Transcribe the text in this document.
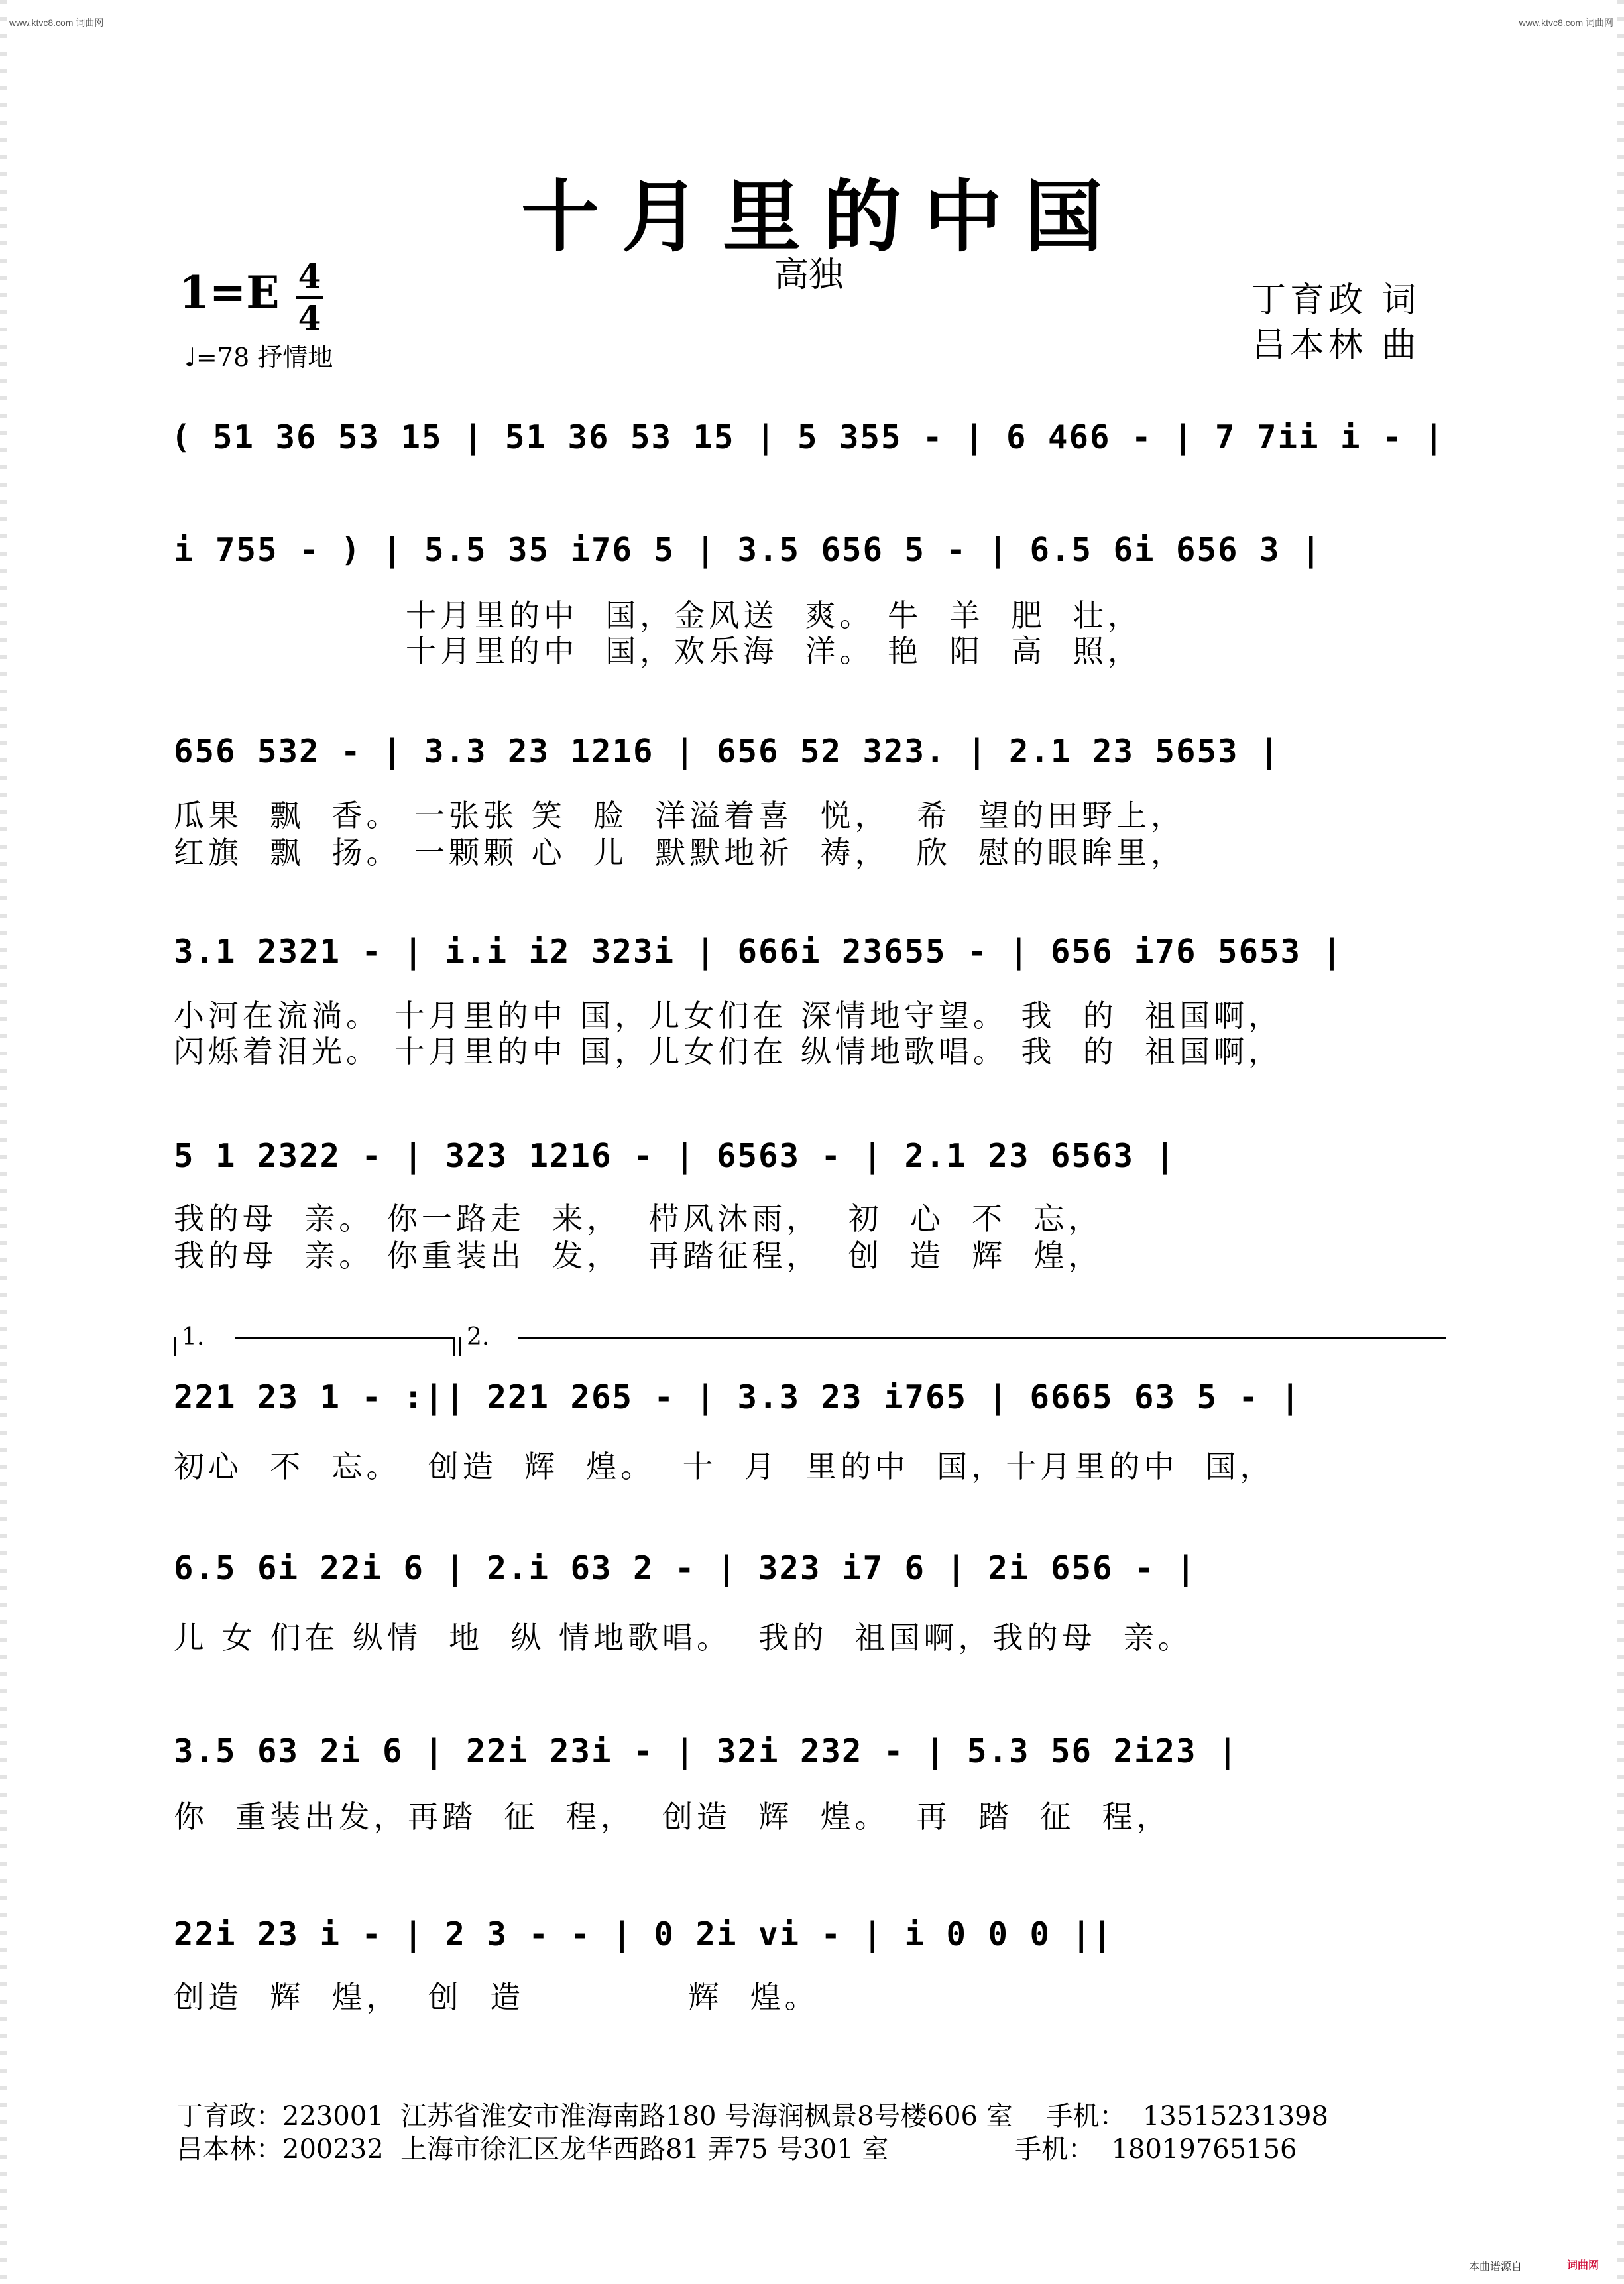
www.ktvc8.com 词曲网	www.ktvc8.com 词曲网
十月里的中国
高独
1=E 4
4
♩=78 抒情地
丁育政 词
吕本林 曲
( 51 36 53 15 | 51 36 53 15 | 5 355 - | 6 466 - | 7 7ii i - |
i 755 - ) | 5.5 35 i76 5 | 3.5 656 5 - | 6.5 6i 656 3 |
十月里的中  国，金风送  爽。 牛  羊  肥  壮，
十月里的中  国，欢乐海  洋。 艳  阳  高  照，
656 532 - | 3.3 23 1216 | 656 52 323. | 2.1 23 5653 |
瓜果  飘  香。 一张张 笑  脸  洋溢着喜  悦，  希  望的田野上，
红旗  飘  扬。 一颗颗 心  儿  默默地祈  祷，  欣  慰的眼眸里，
3.1 2321 - | i.i i2 323i | 666i 23655 - | 656 i76 5653 |
小河在流淌。 十月里的中 国，儿女们在 深情地守望。 我  的  祖国啊，
闪烁着泪光。 十月里的中 国，儿女们在 纵情地歌唱。 我  的  祖国啊，
5 1 2322 - | 323 1216 - | 6563 - | 2.1 23 6563 |
我的母  亲。 你一路走  来，  栉风沐雨，  初  心  不  忘，
我的母  亲。 你重装出  发，  再踏征程，  创  造  辉  煌，
1.	2.
221 23 1 - :|| 221 265 - | 3.3 23 i765 | 6665 63 5 - |
初心  不  忘。  创造  辉  煌。  十  月  里的中  国，十月里的中  国，
6.5 6i 22i 6 | 2.i 63 2 - | 323 i7 6 | 2i 656 - |
儿 女 们在 纵情  地  纵 情地歌唱。  我的  祖国啊，我的母  亲。
3.5 63 2i 6 | 22i 23i - | 32i 232 - | 5.3 56 2i23 |
你  重装出发，再踏  征  程，  创造  辉  煌。  再  踏  征  程，
22i 23 i - | 2 3 - - | 0 2i vi - | i 0 0 0 ||
创造  辉  煌，  创  造            辉  煌。
丁育政：223001  江苏省淮安市淮海南路180 号海润枫景8号楼606 室    手机：  13515231398
吕本林：200232  上海市徐汇区龙华西路81 弄75 号301 室               手机：  18019765156
本曲谱源自	词曲网
